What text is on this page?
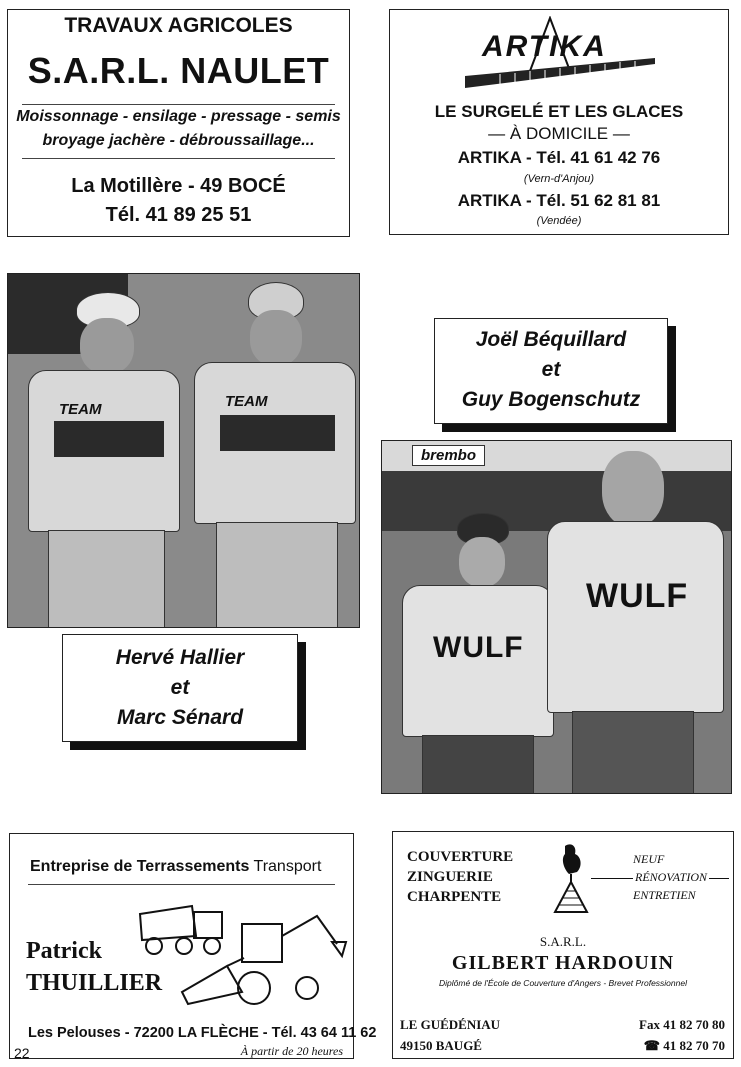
TRAVAUX AGRICOLES
S.A.R.L. NAULET
Moissonnage - ensilage - pressage - semis
broyage jachère - débroussaillage...
La Motillère - 49 BOCÉ
Tél. 41 89 25 51
ARTIKA
LE SURGELÉ ET LES GLACES
— À DOMICILE —
ARTIKA - Tél. 41 61 42 76
(Vern-d'Anjou)
ARTIKA - Tél. 51 62 81 81
(Vendée)
TEAM	TEAM
Hervé Hallier
et
Marc Sénard
Joël Béquillard
et
Guy Bogenschutz
brembo
WULF
WULF
Entreprise de Terrassements Transport
Patrick
THUILLIER
Les Pelouses - 72200 LA FLÈCHE - Tél. 43 64 11 62
À partir de 20 heures
22
COUVERTURE
ZINGUERIE
CHARPENTE
NEUF
RÉNOVATION
ENTRETIEN
S.A.R.L.
GILBERT HARDOUIN
Diplômé de l'École de Couverture d'Angers - Brevet Professionnel
LE GUÉDÉNIAU
49150 BAUGÉ
Fax 41 82 70 80
☎ 41 82 70 70
